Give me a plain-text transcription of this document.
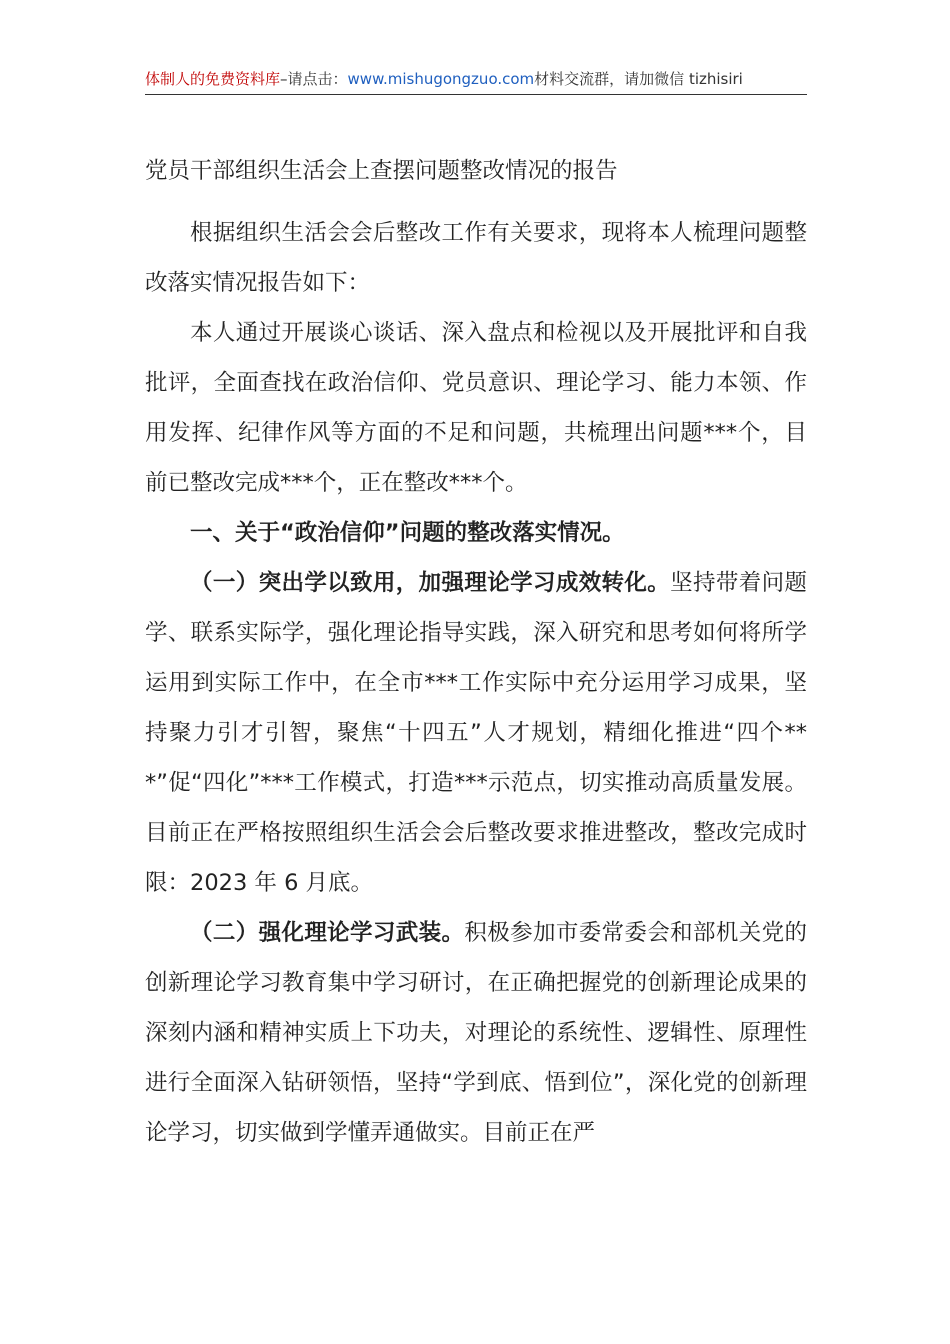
体制人的免费资料库–请点击：www.mishugongzuo.com材料交流群，请加微信 tizhisiri

党员干部组织生活会上查摆问题整改情况的报告

根据组织生活会会后整改工作有关要求，现将本人梳理问题整改落实情况报告如下：

本人通过开展谈心谈话、深入盘点和检视以及开展批评和自我批评，全面查找在政治信仰、党员意识、理论学习、能力本领、作用发挥、纪律作风等方面的不足和问题，共梳理出问题***个，目前已整改完成***个，正在整改***个。

一、关于“政治信仰”问题的整改落实情况。

（一）突出学以致用，加强理论学习成效转化。坚持带着问题学、联系实际学，强化理论指导实践，深入研究和思考如何将所学运用到实际工作中，在全市***工作实际中充分运用学习成果，坚持聚力引才引智，聚焦“十四五”人才规划，精细化推进“四个***”促“四化”***工作模式，打造***示范点，切实推动高质量发展。目前正在严格按照组织生活会会后整改要求推进整改，整改完成时限：2023 年 6 月底。

（二）强化理论学习武装。积极参加市委常委会和部机关党的创新理论学习教育集中学习研讨，在正确把握党的创新理论成果的深刻内涵和精神实质上下功夫，对理论的系统性、逻辑性、原理性进行全面深入钻研领悟，坚持“学到底、悟到位”，深化党的创新理论学习，切实做到学懂弄通做实。目前正在严
